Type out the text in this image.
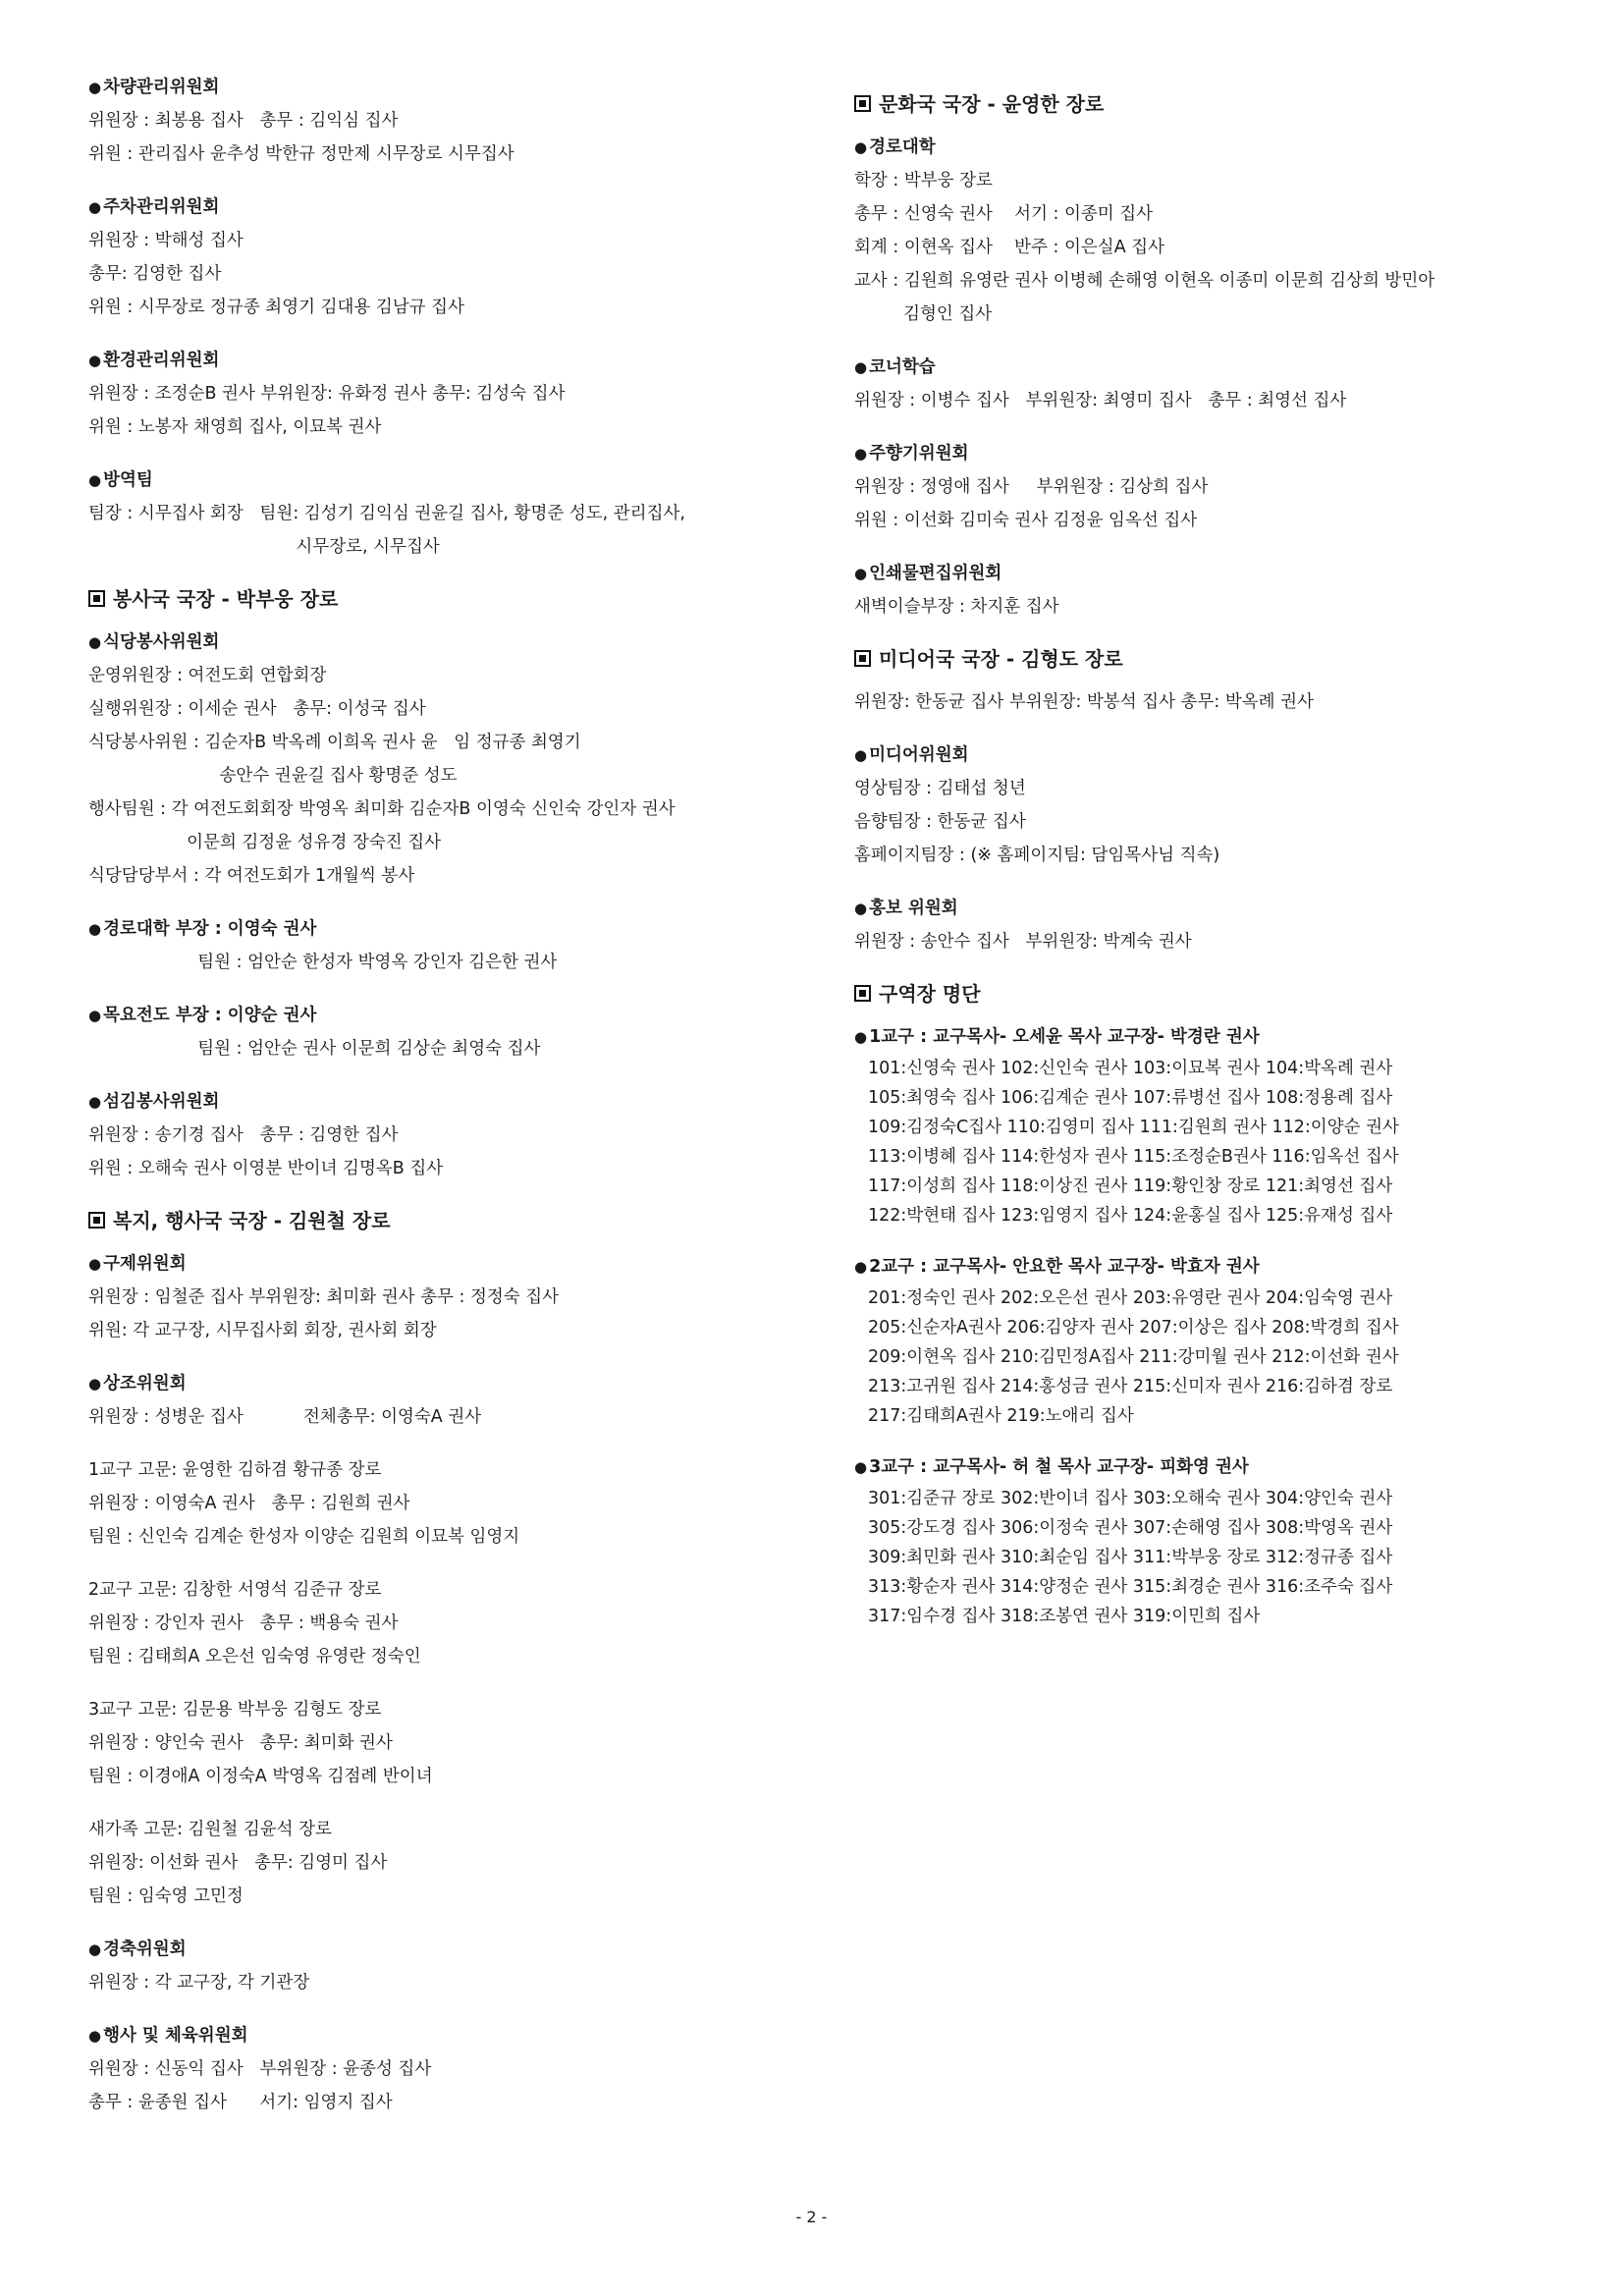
● 차량관리위원회
위원장 : 최봉용 집사   총무 : 김익심 집사
위원 : 관리집사 윤추성 박한규 정만제 시무장로 시무집사
● 주차관리위원회
위원장 : 박해성 집사
총무: 김영한 집사
위원 : 시무장로 정규종 최영기 김대용 김남규 집사
● 환경관리위원회
위원장 : 조정순B 권사 부위원장: 유화정 권사 총무: 김성숙 집사
위원 : 노봉자 채영희 집사, 이묘복 권사
● 방역팀
팀장 : 시무집사 회장   팀원: 김성기 김익심 권윤길 집사, 황명준 성도, 관리집사,
시무장로, 시무집사
봉사국 국장 - 박부웅 장로
● 식당봉사위원회
운영위원장 : 여전도회 연합회장
실행위원장 : 이세순 권사   총무: 이성국 집사
식당봉사위원 : 김순자B 박옥례 이희옥 권사 윤   임 정규종 최영기
송안수 권윤길 집사 황명준 성도
행사팀원 : 각 여전도회회장 박영옥 최미화 김순자B 이영숙 신인숙 강인자 권사
이문희 김정윤 성유경 장숙진 집사
식당담당부서 : 각 여전도회가 1개월씩 봉사
● 경로대학 부장 : 이영숙 권사
팀원 : 엄안순 한성자 박영옥 강인자 김은한 권사
● 목요전도 부장 : 이양순 권사
팀원 : 엄안순 권사 이문희 김상순 최영숙 집사
● 섬김봉사위원회
위원장 : 송기경 집사   총무 : 김영한 집사
위원 : 오해숙 권사 이영분 반이녀 김명옥B 집사
복지, 행사국 국장 - 김원철 장로
● 구제위원회
위원장 : 임철준 집사 부위원장: 최미화 권사 총무 : 정정숙 집사
위원: 각 교구장, 시무집사회 회장, 권사회 회장
● 상조위원회
위원장 : 성병운 집사           전체총무: 이영숙A 권사
1교구 고문: 윤영한 김하겸 황규종 장로
위원장 : 이영숙A 권사   총무 : 김원희 권사
팀원 : 신인숙 김계순 한성자 이양순 김원희 이묘복 임영지
2교구 고문: 김창한 서영석 김준규 장로
위원장 : 강인자 권사   총무 : 백용숙 권사
팀원 : 김태희A 오은선 임숙영 유영란 정숙인
3교구 고문: 김문용 박부웅 김형도 장로
위원장 : 양인숙 권사   총무: 최미화 권사
팀원 : 이경애A 이정숙A 박영옥 김점례 반이녀
새가족 고문: 김원철 김윤석 장로
위원장: 이선화 권사   총무: 김영미 집사
팀원 : 임숙영 고민정
● 경축위원회
위원장 : 각 교구장, 각 기관장
● 행사 및 체육위원회
위원장 : 신동익 집사   부위원장 : 윤종성 집사
총무 : 윤종원 집사      서기: 임영지 집사
문화국 국장 - 윤영한 장로
● 경로대학
학장 : 박부웅 장로
총무 : 신영숙 권사    서기 : 이종미 집사
회계 : 이현옥 집사    반주 : 이은실A 집사
교사 : 김원희 유영란 권사 이병혜 손해영 이현옥 이종미 이문희 김상희 방민아
김형인 집사
● 코너학습
위원장 : 이병수 집사   부위원장: 최영미 집사   총무 : 최영선 집사
● 주향기위원회
위원장 : 정영애 집사     부위원장 : 김상희 집사
위원 : 이선화 김미숙 권사 김정윤 임옥선 집사
● 인쇄물편집위원회
새벽이슬부장 : 차지훈 집사
미디어국 국장 - 김형도 장로
위원장: 한동균 집사 부위원장: 박봉석 집사 총무: 박옥례 권사
● 미디어위원회
영상팀장 : 김태섭 청년
음향팀장 : 한동균 집사
홈페이지팀장 : (※ 홈페이지팀: 담임목사님 직속)
● 홍보 위원회
위원장 : 송안수 집사   부위원장: 박계숙 권사
구역장 명단
● 1교구 : 교구목사- 오세윤 목사 교구장- 박경란 권사
101:신영숙 권사 102:신인숙 권사 103:이묘복 권사 104:박옥례 권사
105:최영숙 집사 106:김계순 권사 107:류병선 집사 108:정용례 집사
109:김정숙C집사 110:김영미 집사 111:김원희 권사 112:이양순 권사
113:이병혜 집사 114:한성자 권사 115:조정순B권사 116:임옥선 집사
117:이성희 집사 118:이상진 권사 119:황인창 장로 121:최영선 집사
122:박현태 집사 123:임영지 집사 124:윤홍실 집사 125:유재성 집사
● 2교구 : 교구목사- 안요한 목사 교구장- 박효자 권사
201:정숙인 권사 202:오은선 권사 203:유영란 권사 204:임숙영 권사
205:신순자A권사 206:김양자 권사 207:이상은 집사 208:박경희 집사
209:이현옥 집사 210:김민정A집사 211:강미월 권사 212:이선화 권사
213:고귀원 집사 214:홍성금 권사 215:신미자 권사 216:김하겸 장로
217:김태희A권사 219:노애리 집사
● 3교구 : 교구목사- 허 철 목사 교구장- 피화영 권사
301:김준규 장로 302:반이녀 집사 303:오해숙 권사 304:양인숙 권사
305:강도경 집사 306:이정숙 권사 307:손해영 집사 308:박영옥 권사
309:최민화 권사 310:최순임 집사 311:박부웅 장로 312:정규종 집사
313:황순자 권사 314:양정순 권사 315:최경순 권사 316:조주숙 집사
317:임수경 집사 318:조봉연 권사 319:이민희 집사
- 2 -
